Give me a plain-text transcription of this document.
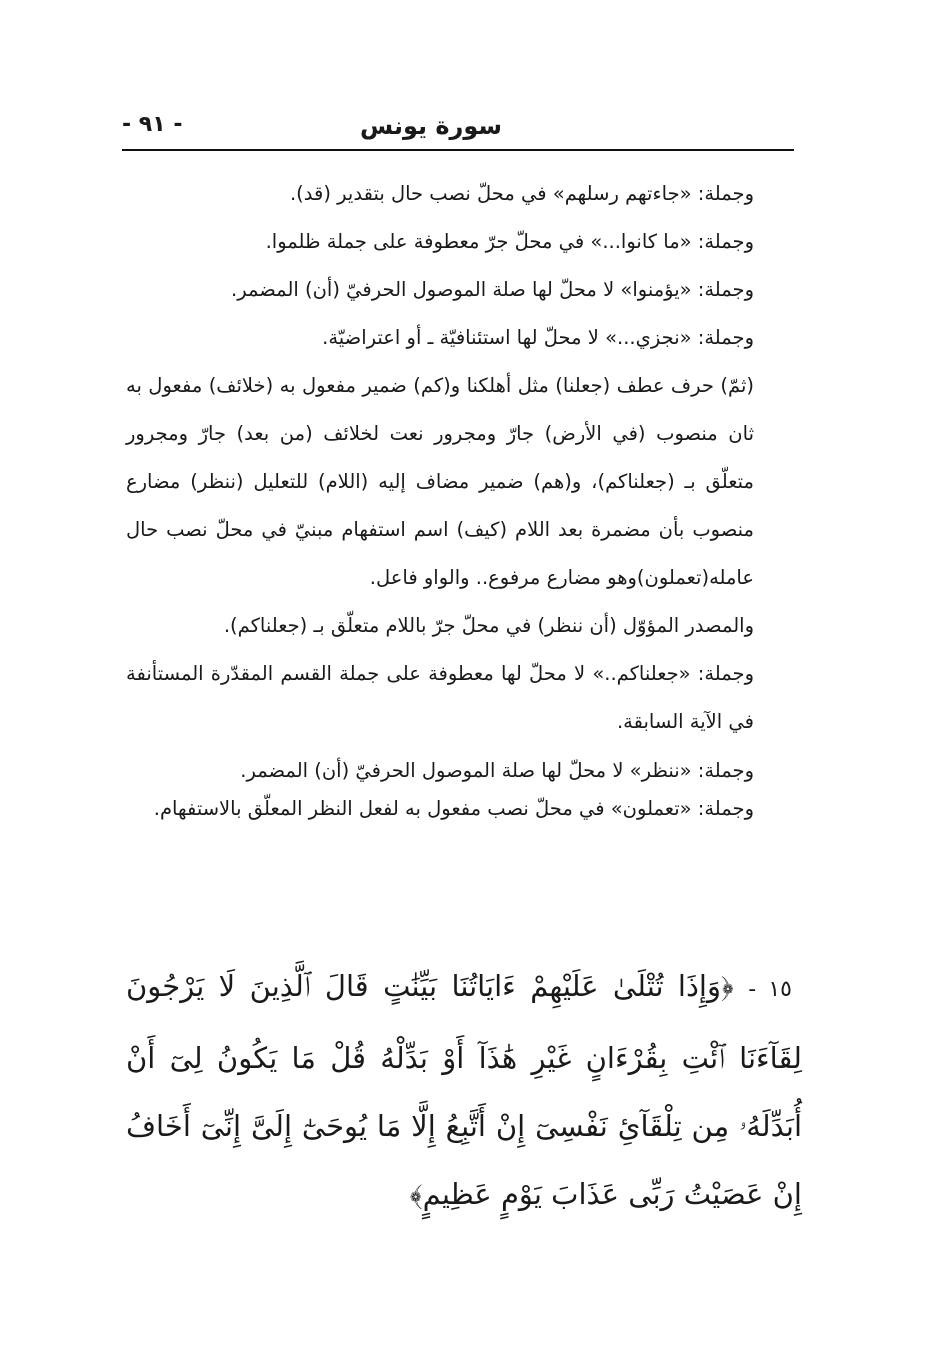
سورة يونس
- ٩١ -

وجملة: «جاءتهم رسلهم» في محلّ نصب حال بتقدير (قد).

وجملة: «ما كانوا...» في محلّ جرّ معطوفة على جملة ظلموا.

وجملة: «يؤمنوا» لا محلّ لها صلة الموصول الحرفيّ (أن) المضمر.

وجملة: «نجزي...» لا محلّ لها استئنافيّة ـ أو اعتراضيّة.

(ثمّ) حرف عطف (جعلنا) مثل أهلكنا و(كم) ضمير مفعول به (خلائف) مفعول به ثان منصوب (في الأرض) جارّ ومجرور نعت لخلائف (من بعد) جارّ ومجرور متعلّق بـ (جعلناكم)، و(هم) ضمير مضاف إليه (اللام) للتعليل (ننظر) مضارع منصوب بأن مضمرة بعد اللام (كيف) اسم استفهام مبنيّ في محلّ نصب حال عامله(تعملون)وهو مضارع مرفوع.. والواو فاعل.

والمصدر المؤوّل (أن ننظر) في محلّ جرّ باللام متعلّق بـ (جعلناكم).

وجملة: «جعلناكم..» لا محلّ لها معطوفة على جملة القسم المقدّرة المستأنفة في الآية السابقة.

وجملة: «ننظر» لا محلّ لها صلة الموصول الحرفيّ (أن) المضمر.

وجملة: «تعملون» في محلّ نصب مفعول به لفعل النظر المعلّق بالاستفهام.

١٥ - ﴿وَإِذَا تُتْلَىٰ عَلَيْهِمْ ءَايَاتُنَا بَيِّنَٰتٍ قَالَ ٱلَّذِينَ لَا يَرْجُونَ لِقَآءَنَا ٱئْتِ بِقُرْءَانٍ غَيْرِ هَٰذَآ أَوْ بَدِّلْهُ قُلْ مَا يَكُونُ لِىٓ أَنْ أُبَدِّلَهُۥ مِن تِلْقَآئِ نَفْسِىٓ إِنْ أَتَّبِعُ إِلَّا مَا يُوحَىٰٓ إِلَىَّ إِنِّىٓ أَخَافُ إِنْ عَصَيْتُ رَبِّى عَذَابَ يَوْمٍ عَظِيمٍ﴾
